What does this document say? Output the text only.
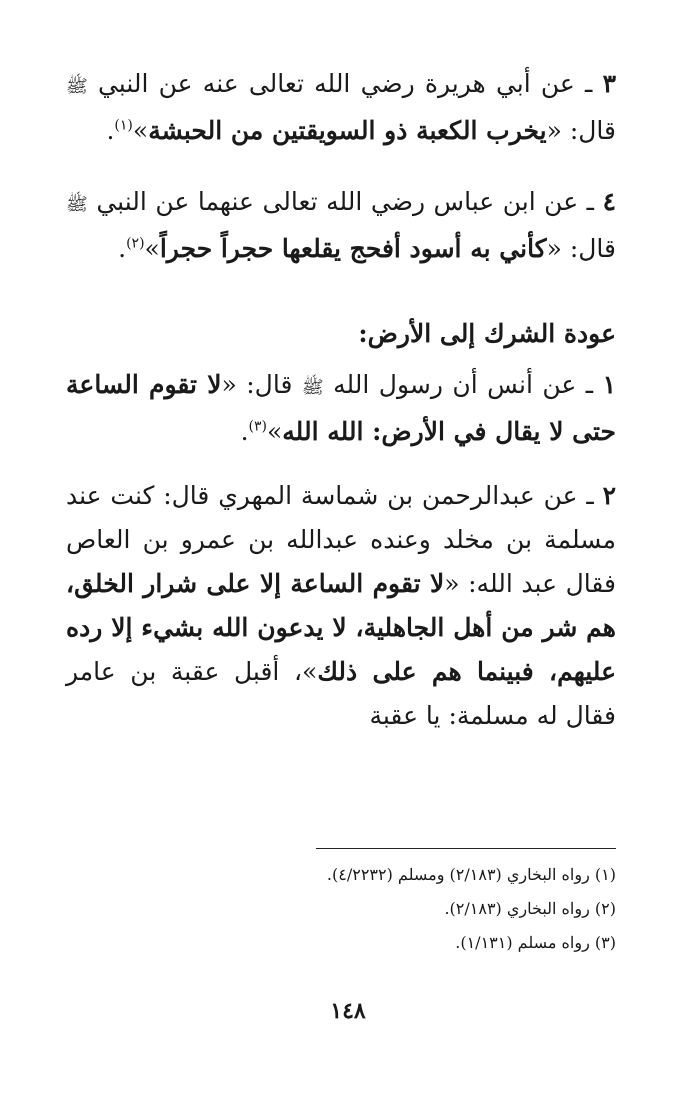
٣ ـ عن أبي هريرة رضي الله تعالى عنه عن النبي ﷺ قال: «يخرب الكعبة ذو السويقتين من الحبشة»$^{(١)}$.

٤ ـ عن ابن عباس رضي الله تعالى عنهما عن النبي ﷺ قال: «كأني به أسود أفحج يقلعها حجراً حجراً»$^{(٢)}$.

عودة الشرك إلى الأرض:

١ ـ عن أنس أن رسول الله ﷺ قال: «لا تقوم الساعة حتى لا يقال في الأرض: الله الله»$^{(٣)}$.

٢ ـ عن عبدالرحمن بن شماسة المهري قال: كنت عند مسلمة بن مخلد وعنده عبدالله بن عمرو بن العاص فقال عبد الله: «لا تقوم الساعة إلا على شرار الخلق، هم شر من أهل الجاهلية، لا يدعون الله بشيء إلا رده عليهم، فبينما هم على ذلك»، أقبل عقبة بن عامر فقال له مسلمة: يا عقبة

(١) رواه البخاري (٢/١٨٣) ومسلم (٤/٢٢٣٢).

(٢) رواه البخاري (٢/١٨٣).

(٣) رواه مسلم (١/١٣١).

١٤٨
